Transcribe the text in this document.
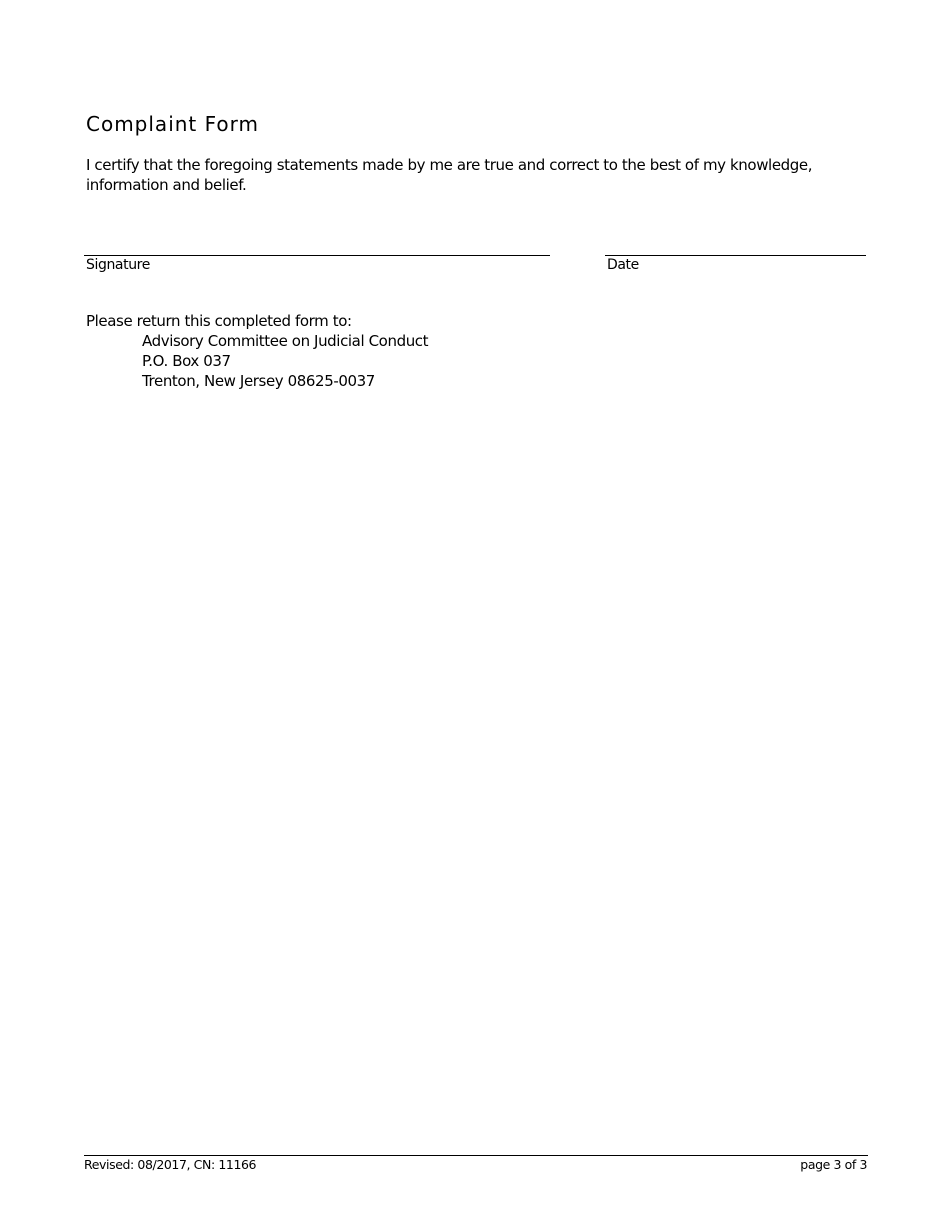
Complaint Form

I certify that the foregoing statements made by me are true and correct to the best of my knowledge, information and belief.

Signature	Date
Please return this completed form to:
Advisory Committee on Judicial Conduct
P.O. Box 037
Trenton, New Jersey 08625-0037
Revised: 08/2017, CN: 11166	page 3 of 3
